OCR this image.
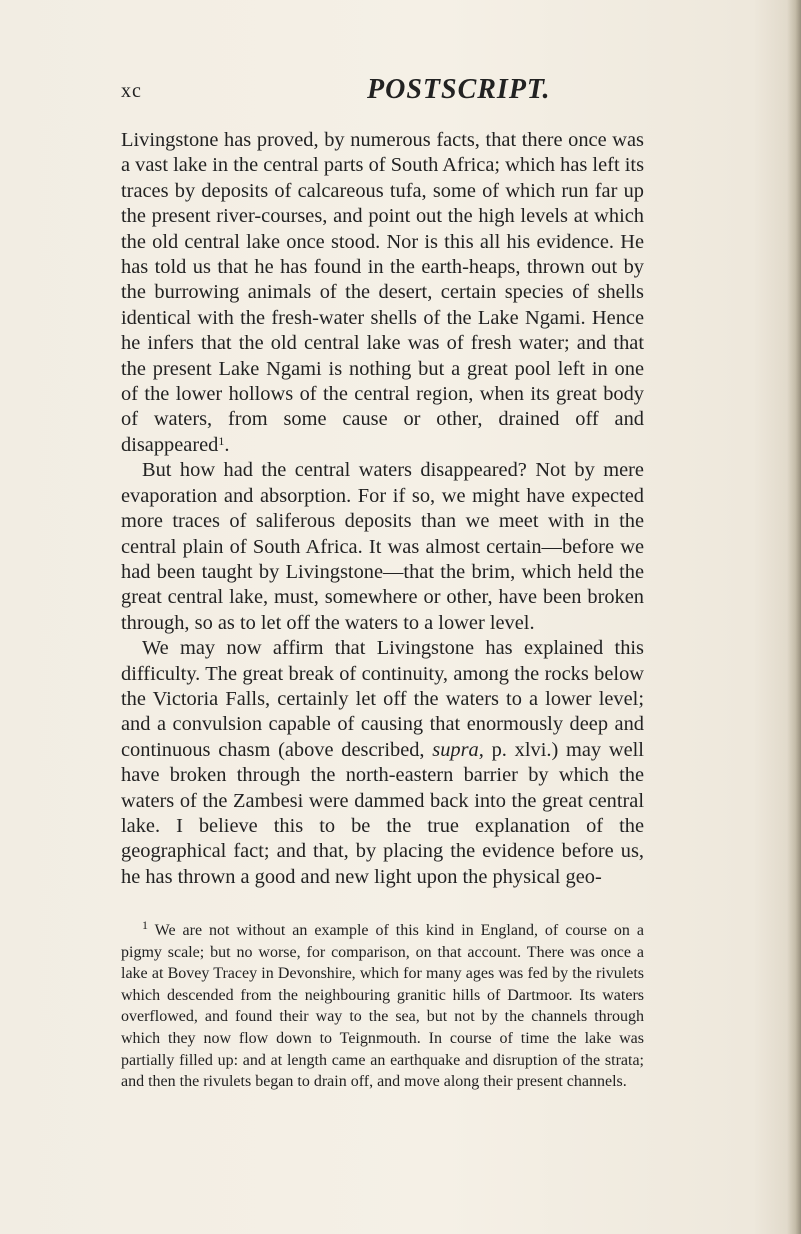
xc	POSTSCRIPT.

Livingstone has proved, by numerous facts, that there once was a vast lake in the central parts of South Africa; which has left its traces by deposits of calcareous tufa, some of which run far up the present river-courses, and point out the high levels at which the old central lake once stood. Nor is this all his evidence. He has told us that he has found in the earth-heaps, thrown out by the burrowing animals of the desert, certain species of shells identical with the fresh-water shells of the Lake Ngami. Hence he infers that the old central lake was of fresh water; and that the present Lake Ngami is nothing but a great pool left in one of the lower hollows of the central region, when its great body of waters, from some cause or other, drained off and disappeared$^1$.

But how had the central waters disappeared? Not by mere evaporation and absorption. For if so, we might have expected more traces of saliferous deposits than we meet with in the central plain of South Africa. It was almost certain—before we had been taught by Livingstone—that the brim, which held the great central lake, must, somewhere or other, have been broken through, so as to let off the waters to a lower level.

We may now affirm that Livingstone has explained this difficulty. The great break of continuity, among the rocks below the Victoria Falls, certainly let off the waters to a lower level; and a convulsion capable of causing that enormously deep and continuous chasm (above described, supra, p. xlvi.) may well have broken through the north-eastern barrier by which the waters of the Zambesi were dammed back into the great central lake. I believe this to be the true explanation of the geographical fact; and that, by placing the evidence before us, he has thrown a good and new light upon the physical geo-

$^1$ We are not without an example of this kind in England, of course on a pigmy scale; but no worse, for comparison, on that account. There was once a lake at Bovey Tracey in Devonshire, which for many ages was fed by the rivulets which descended from the neighbouring granitic hills of Dartmoor. Its waters overflowed, and found their way to the sea, but not by the channels through which they now flow down to Teignmouth. In course of time the lake was partially filled up: and at length came an earthquake and disruption of the strata; and then the rivulets began to drain off, and move along their present channels.
